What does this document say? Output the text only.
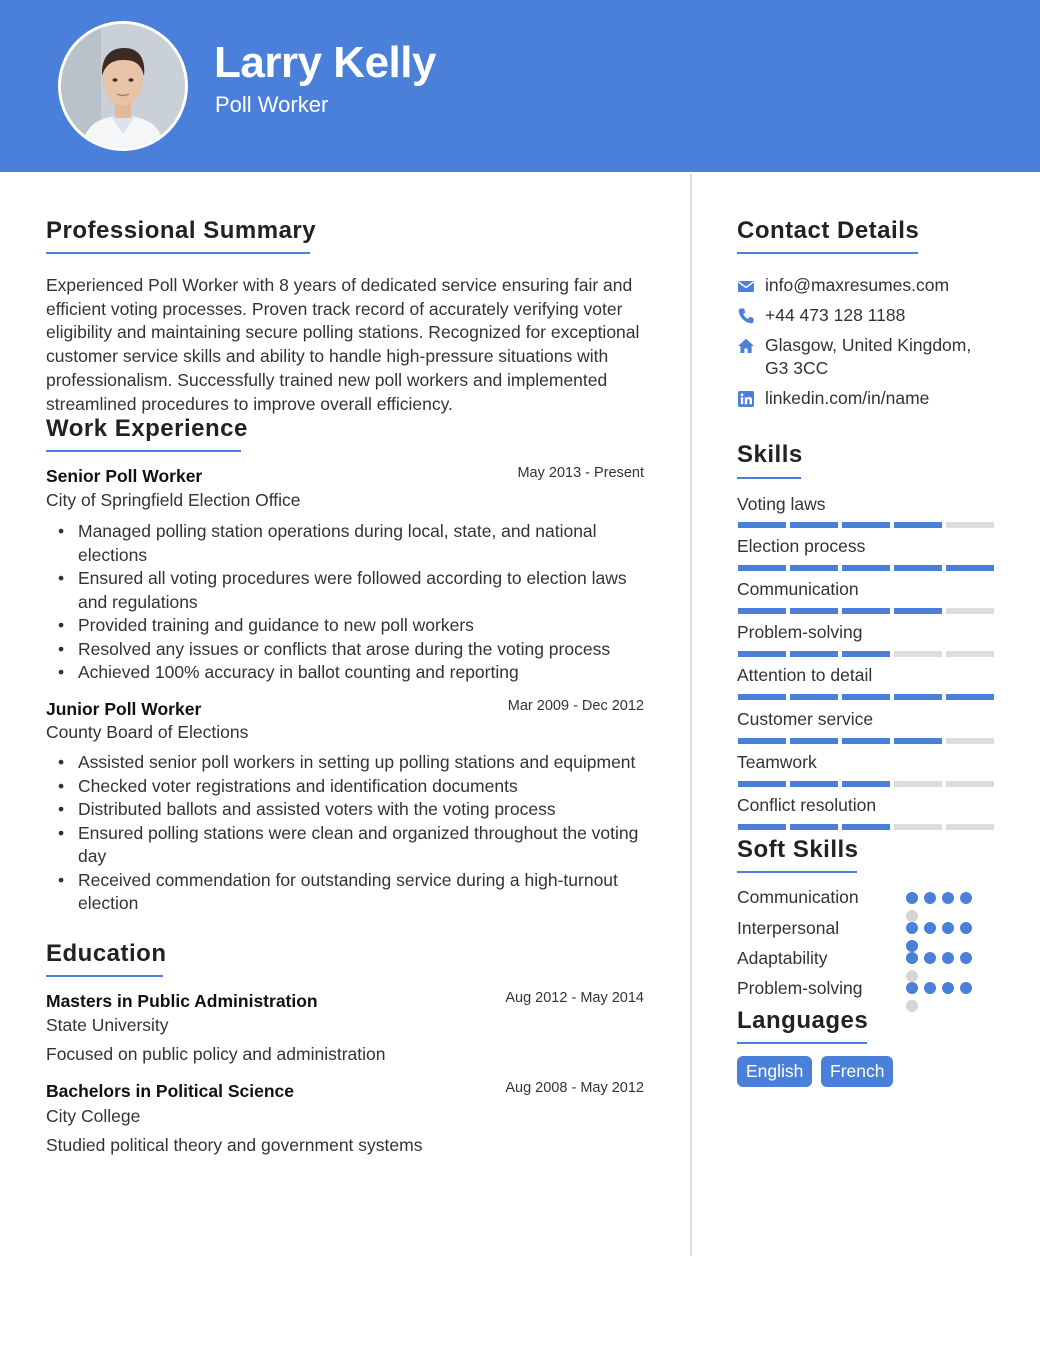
Larry Kelly
Poll Worker
Professional Summary
Experienced Poll Worker with 8 years of dedicated service ensuring fair and efficient voting processes. Proven track record of accurately verifying voter eligibility and maintaining secure polling stations. Recognized for exceptional customer service skills and ability to handle high-pressure situations with professionalism. Successfully trained new poll workers and implemented streamlined procedures to improve overall efficiency.
Work Experience
Senior Poll Worker	May 2013 - Present
City of Springfield Election Office
• Managed polling station operations during local, state, and national elections
• Ensured all voting procedures were followed according to election laws and regulations
• Provided training and guidance to new poll workers
• Resolved any issues or conflicts that arose during the voting process
• Achieved 100% accuracy in ballot counting and reporting
Junior Poll Worker	Mar 2009 - Dec 2012
County Board of Elections
• Assisted senior poll workers in setting up polling stations and equipment
• Checked voter registrations and identification documents
• Distributed ballots and assisted voters with the voting process
• Ensured polling stations were clean and organized throughout the voting day
• Received commendation for outstanding service during a high-turnout election
Education
Masters in Public Administration	Aug 2012 - May 2014
State University
Focused on public policy and administration
Bachelors in Political Science	Aug 2008 - May 2012
City College
Studied political theory and government systems
Contact Details
info@maxresumes.com
+44 473 128 1188
Glasgow, United Kingdom,
G3 3CC
linkedin.com/in/name
Skills
Voting laws
Election process
Communication
Problem-solving
Attention to detail
Customer service
Teamwork
Conflict resolution
Soft Skills
Communication
Interpersonal
Adaptability
Problem-solving
Languages
English	French
